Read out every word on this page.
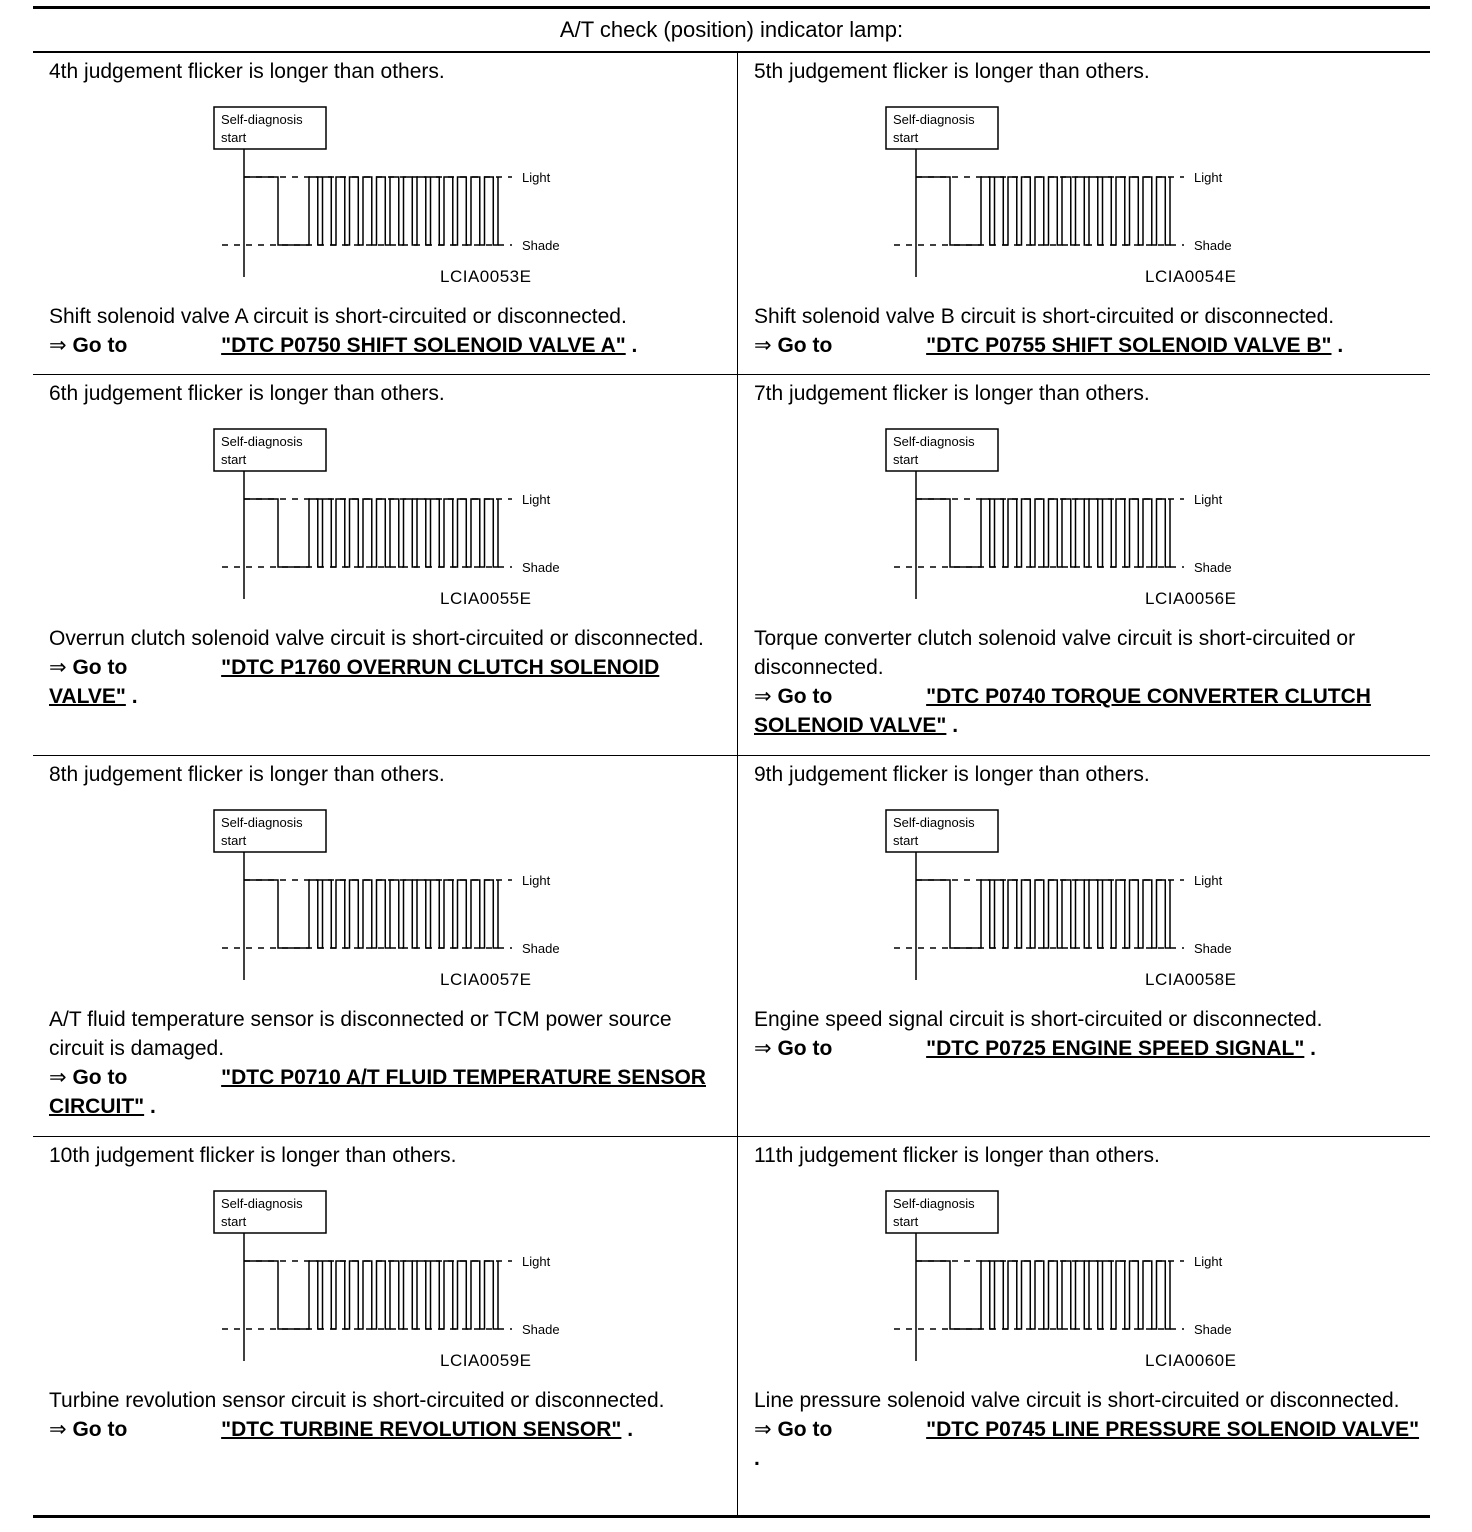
A/T check (position) indicator lamp:
4th judgement flicker is longer than others.
Self-diagnosis
start
Light
Shade
LCIA0053E
Shift solenoid valve A circuit is short-circuited or disconnected.
⇒ Go to	"DTC P0750 SHIFT SOLENOID VALVE A" .
5th judgement flicker is longer than others.
Self-diagnosis
start
Light
Shade
LCIA0054E
Shift solenoid valve B circuit is short-circuited or disconnected.
⇒ Go to	"DTC P0755 SHIFT SOLENOID VALVE B" .
6th judgement flicker is longer than others.
Self-diagnosis
start
Light
Shade
LCIA0055E
Overrun clutch solenoid valve circuit is short-circuited or disconnected.
⇒ Go to	"DTC P1760 OVERRUN CLUTCH SOLENOID VALVE" .
7th judgement flicker is longer than others.
Self-diagnosis
start
Light
Shade
LCIA0056E
Torque converter clutch solenoid valve circuit is short-circuited or disconnected.
⇒ Go to	"DTC P0740 TORQUE CONVERTER CLUTCH SOLENOID VALVE" .
8th judgement flicker is longer than others.
Self-diagnosis
start
Light
Shade
LCIA0057E
A/T fluid temperature sensor is disconnected or TCM power source circuit is damaged.
⇒ Go to	"DTC P0710 A/T FLUID TEMPERATURE SENSOR CIRCUIT" .
9th judgement flicker is longer than others.
Self-diagnosis
start
Light
Shade
LCIA0058E
Engine speed signal circuit is short-circuited or disconnected.
⇒ Go to	"DTC P0725 ENGINE SPEED SIGNAL" .
10th judgement flicker is longer than others.
Self-diagnosis
start
Light
Shade
LCIA0059E
Turbine revolution sensor circuit is short-circuited or disconnected.
⇒ Go to	"DTC TURBINE REVOLUTION SENSOR" .
11th judgement flicker is longer than others.
Self-diagnosis
start
Light
Shade
LCIA0060E
Line pressure solenoid valve circuit is short-circuited or disconnected.
⇒ Go to	"DTC P0745 LINE PRESSURE SOLENOID VALVE" .
